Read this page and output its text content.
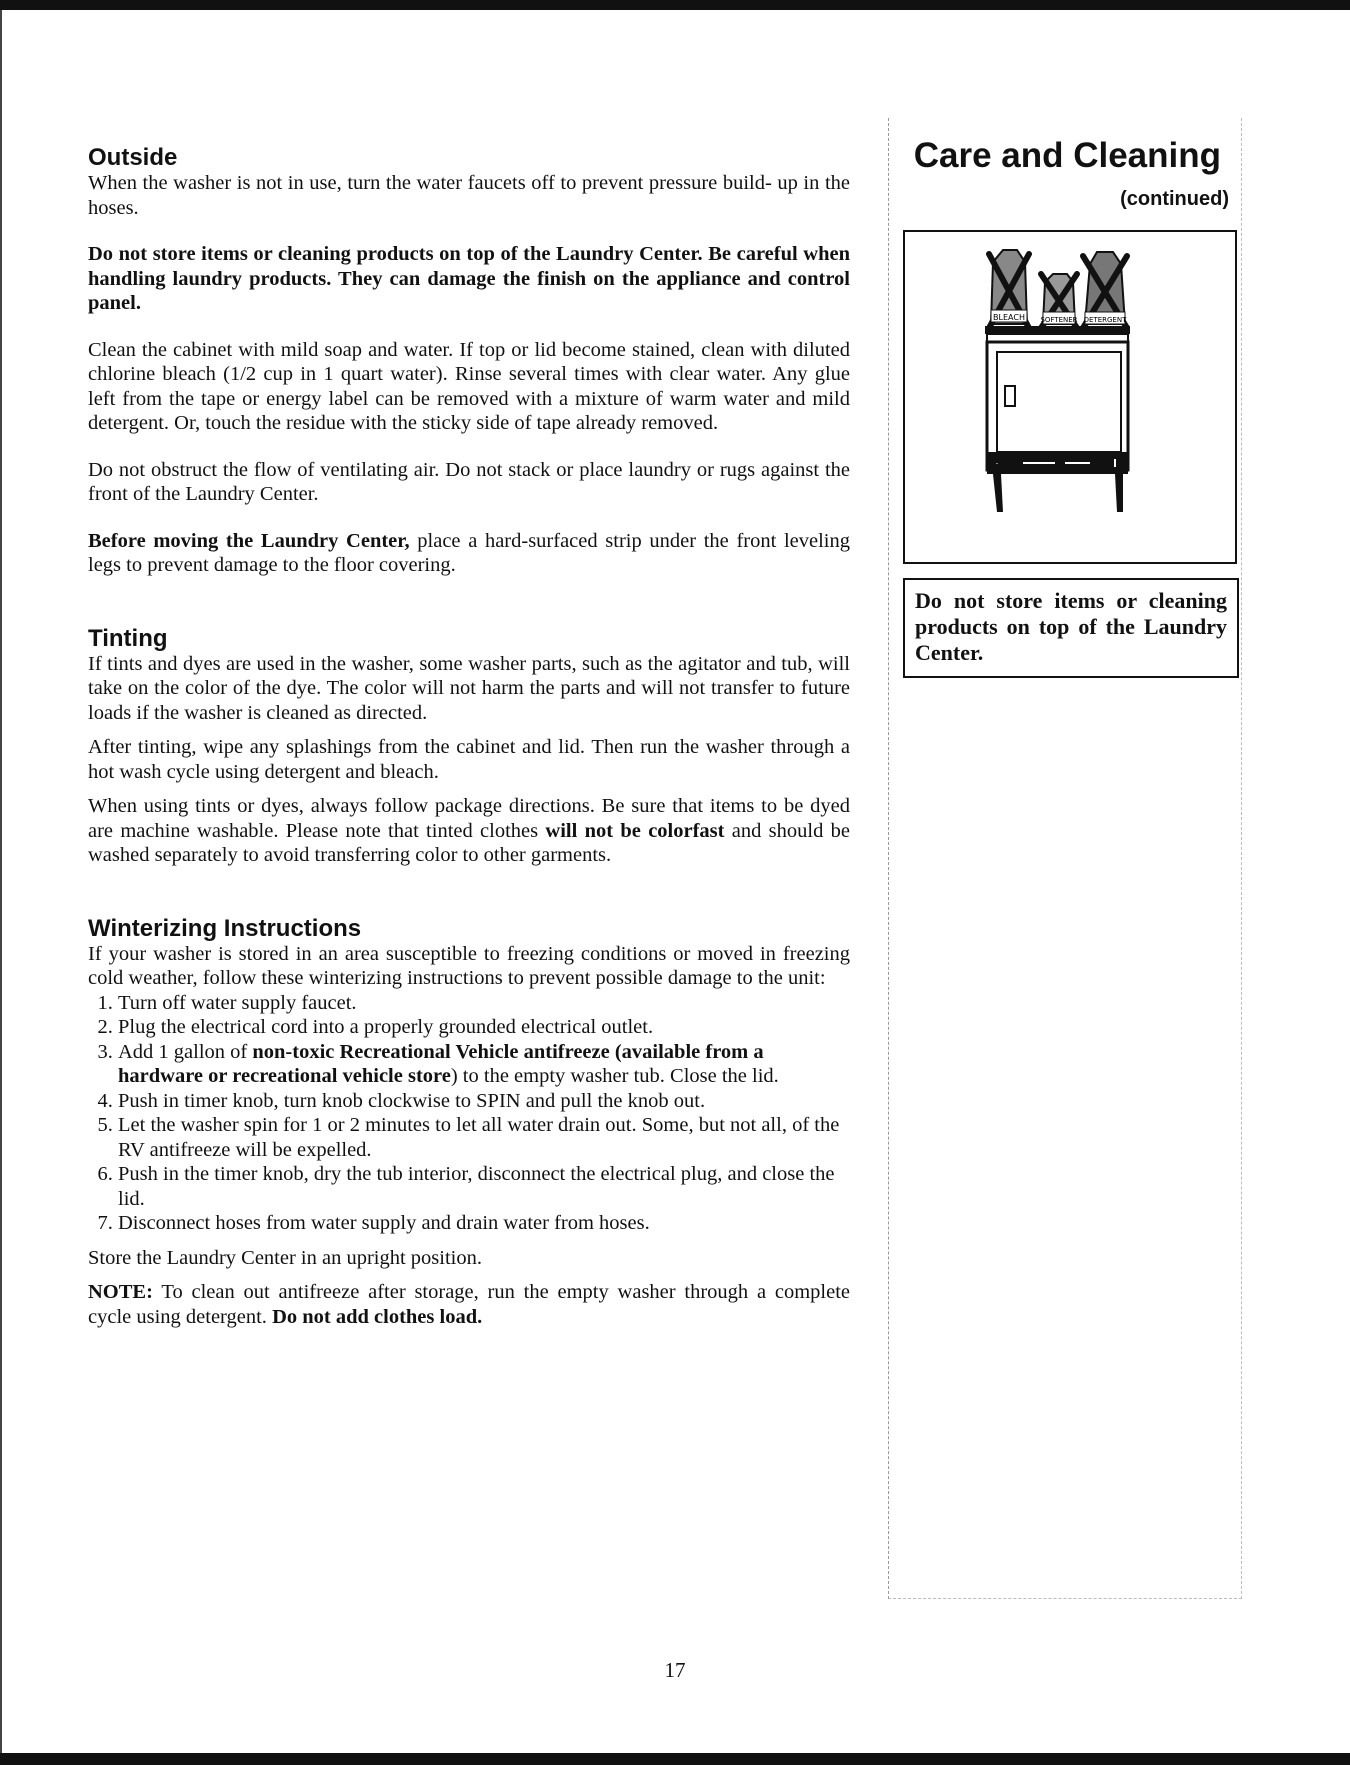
Outside

When the washer is not in use, turn the water faucets off to prevent pressure build- up in the hoses.

Do not store items or cleaning products on top of the Laundry Center. Be careful when handling laundry products. They can damage the finish on the appliance and control panel.

Clean the cabinet with mild soap and water. If top or lid become stained, clean with diluted chlorine bleach (1/2 cup in 1 quart water). Rinse several times with clear water. Any glue left from the tape or energy label can be removed with a mixture of warm water and mild detergent. Or, touch the residue with the sticky side of tape already removed.

Do not obstruct the flow of ventilating air. Do not stack or place laundry or rugs against the front of the Laundry Center.

Before moving the Laundry Center, place a hard-surfaced strip under the front leveling legs to prevent damage to the floor covering.

Tinting

If tints and dyes are used in the washer, some washer parts, such as the agitator and tub, will take on the color of the dye. The color will not harm the parts and will not transfer to future loads if the washer is cleaned as directed.

After tinting, wipe any splashings from the cabinet and lid. Then run the washer through a hot wash cycle using detergent and bleach.

When using tints or dyes, always follow package directions. Be sure that items to be dyed are machine washable. Please note that tinted clothes will not be colorfast and should be washed separately to avoid transferring color to other garments.

Winterizing Instructions

If your washer is stored in an area susceptible to freezing conditions or moved in freezing cold weather, follow these winterizing instructions to prevent possible damage to the unit:

1. Turn off water supply faucet.
2. Plug the electrical cord into a properly grounded electrical outlet.
3. Add 1 gallon of non-toxic Recreational Vehicle antifreeze (available from a hardware or recreational vehicle store) to the empty washer tub. Close the lid.
4. Push in timer knob, turn knob clockwise to SPIN and pull the knob out.
5. Let the washer spin for 1 or 2 minutes to let all water drain out. Some, but not all, of the RV antifreeze will be expelled.
6. Push in the timer knob, dry the tub interior, disconnect the electrical plug, and close the lid.
7. Disconnect hoses from water supply and drain water from hoses.

Store the Laundry Center in an upright position.

NOTE: To clean out antifreeze after storage, run the empty washer through a complete cycle using detergent. Do not add clothes load.

Care and Cleaning
(continued)
BLEACH SOFTENER DETERGENT
Do not store items or cleaning products on top of the Laundry Center.
17
